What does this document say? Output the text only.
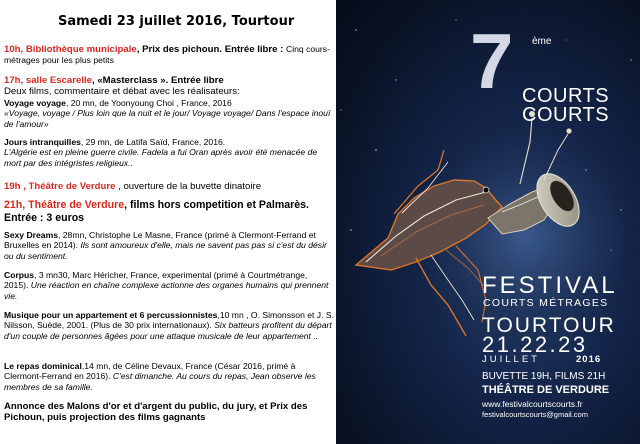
Samedi 23 juillet 2016, Tourtour
10h, Bibliothèque municipale, Prix des pichoun. Entrée libre : Cinq cours-métrages pour les plus petits
17h, salle Escarelle, «Masterclass ». Entrée libre
Deux films, commentaire et débat avec les réalisateurs:
Voyage voyage, 20 mn, de Yoonyoung Choi , France, 2016
«Voyage, voyage / Plus loin que la nuit et le jour/ Voyage voyage/ Dans l'espace inouï de l'amour»
Jours intranquilles, 29 mn, de Latifa Saïd, France, 2016.
L'Algérie est en pleine guerre civile. Fadela a fui Oran après avoir été menacée de mort par des intégristes religieux..
19h , Théâtre de Verdure , ouverture de la buvette dinatoire
21h, Théâtre de Verdure, films hors competition et Palmarès. Entrée : 3 euros
Sexy Dreams, 28mn, Christophe Le Masne, France (primé à Clermont-Ferrand et Bruxelles en 2014). Ils sont amoureux d'elle, mais ne savent pas pas si c'est du désir ou du sentiment.
Corpus, 3 mn30, Marc Héricher, France, experimental (primé à Courtmétrange, 2015). Une réaction en chaîne complexe actionne des organes humains qui prennent vie.
Musique pour un appartement et 6 percussionnistes,10 mn , O. Simonsson et J. S. Nilsson, Suède, 2001. (Plus de 30 prix internationaux). Six batteurs profitent du départ d'un couple de personnes âgées pour une attaque musicale de leur appartement ..
Le repas dominical,14 mn, de Céline Devaux, France (César 2016, primé à Clermont-Ferrand en 2016). C'est dimanche. Au cours du repas, Jean observe les membres de sa famille.
Annonce des Malons d'or et d'argent du public, du jury, et Prix des Pichoun, puis projection des films gagnants
7 ème
COURTS
COURTS
FESTIVAL
COURTS MÉTRAGES
TOURTOUR
21.22.23
JUILLET	2016
BUVETTE 19H, FILMS 21H
THÉÂTRE DE VERDURE
www.festivalcourtscourts.fr
festivalcourtscourts@gmail.com
